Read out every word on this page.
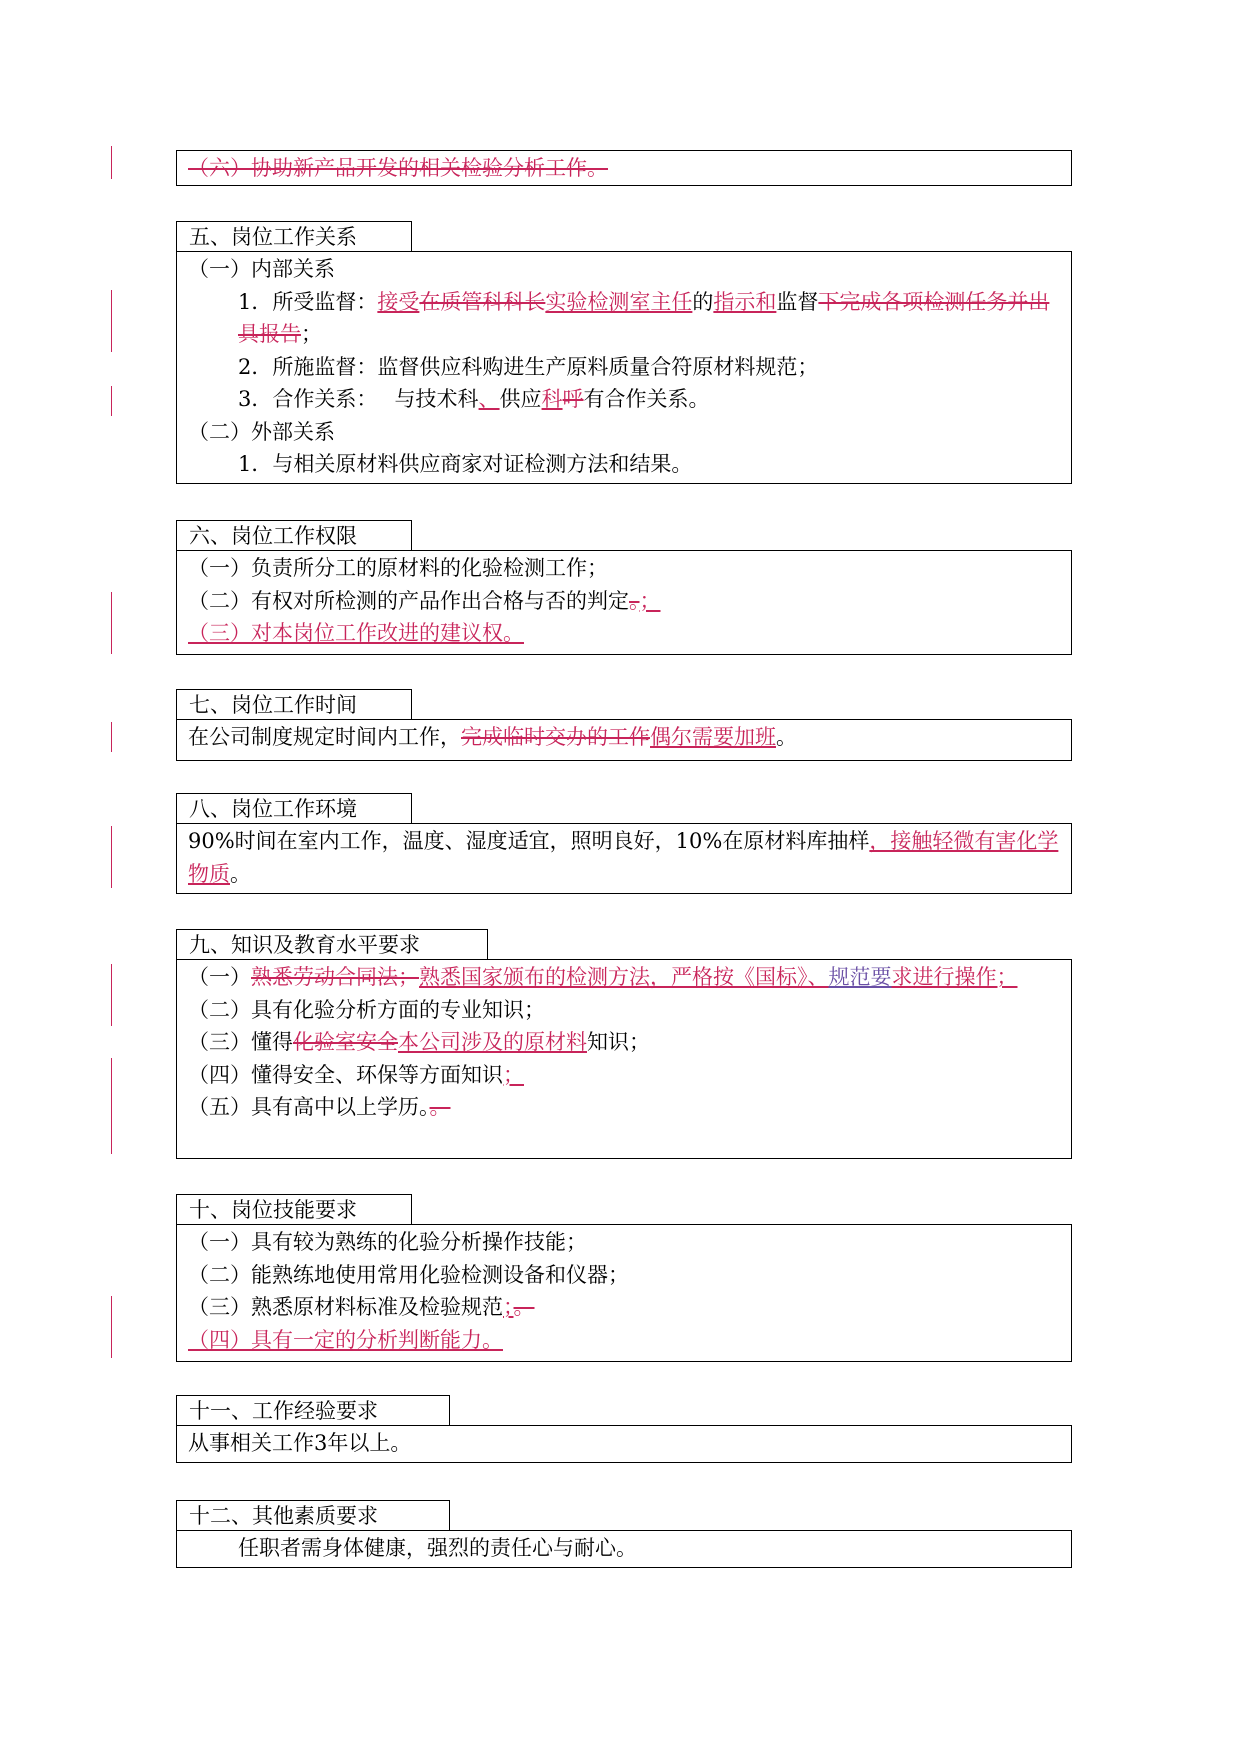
（六）协助新产品开发的相关检验分析工作。
五、岗位工作关系
（一）内部关系
1．所受监督：接受在质管科科长实验检测室主任的指示和监督下完成各项检测任务并出具报告；
2．所施监督：监督供应科购进生产原料质量合符原材料规范；
3．合作关系：　 与技术科、供应科呼有合作关系。
（二）外部关系
1．与相关原材料供应商家对证检测方法和结果。
六、岗位工作权限
（一）负责所分工的原材料的化验检测工作；
（二）有权对所检测的产品作出合格与否的判定。；
（三）对本岗位工作改进的建议权。
七、岗位工作时间
在公司制度规定时间内工作，完成临时交办的工作偶尔需要加班。
八、岗位工作环境
90%时间在室内工作，温度、湿度适宜，照明良好，10%在原材料库抽样，接触轻微有害化学物质。
九、知识及教育水平要求
（一）熟悉劳动合同法；熟悉国家颁布的检测方法，严格按《国标》、规范要求进行操作；
（二）具有化验分析方面的专业知识；
（三）懂得化验室安全本公司涉及的原材料知识；
（四）懂得安全、环保等方面知识；
（五）具有高中以上学历。。
十、岗位技能要求
（一）具有较为熟练的化验分析操作技能；
（二）能熟练地使用常用化验检测设备和仪器；
（三）熟悉原材料标准及检验规范；。
（四）具有一定的分析判断能力。
十一、工作经验要求
从事相关工作3年以上。
十二、其他素质要求
任职者需身体健康，强烈的责任心与耐心。
